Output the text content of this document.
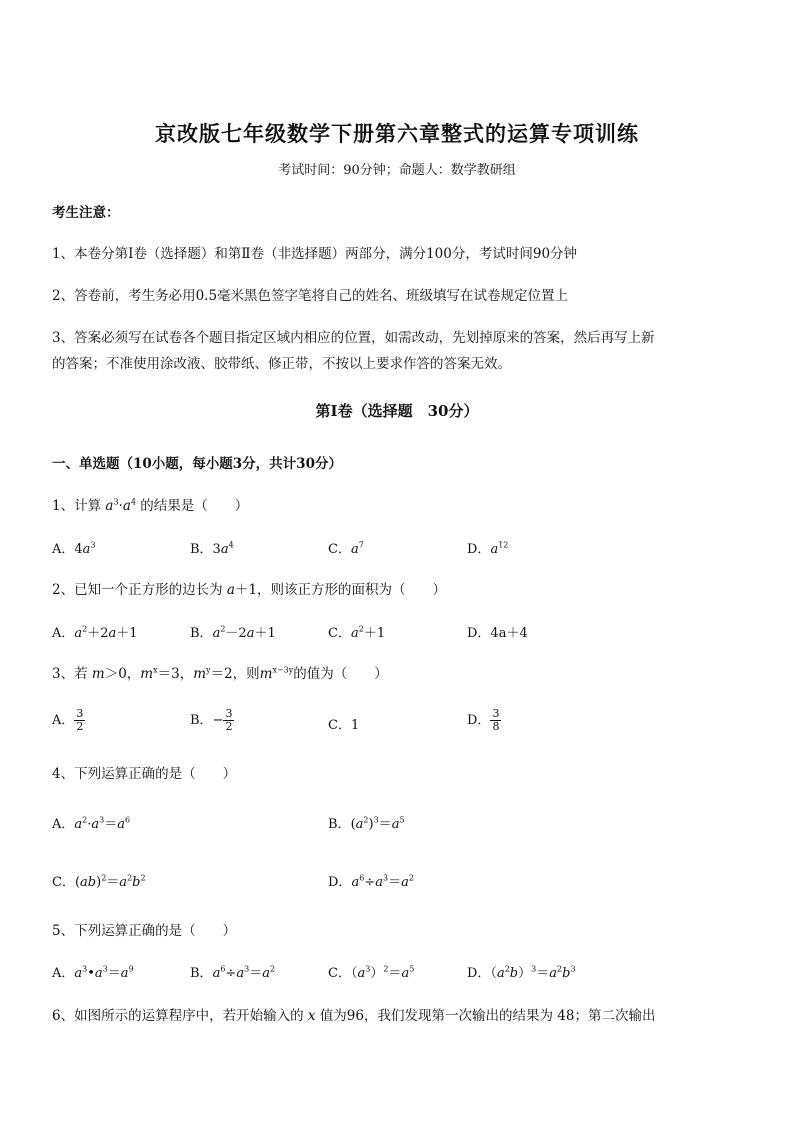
京改版七年级数学下册第六章整式的运算专项训练
考试时间：90分钟；命题人：数学教研组
考生注意：
1、本卷分第Ⅰ卷（选择题）和第Ⅱ卷（非选择题）两部分，满分100分，考试时间90分钟
2、答卷前，考生务必用0.5毫米黑色签字笔将自己的姓名、班级填写在试卷规定位置上
3、答案必须写在试卷各个题目指定区域内相应的位置，如需改动，先划掉原来的答案，然后再写上新
的答案；不准使用涂改液、胶带纸、修正带，不按以上要求作答的答案无效。
第Ⅰ卷（选择题　30分）
一、单选题（10小题，每小题3分，共计30分）
1、计算 $a^3\cdot a^4$ 的结果是（　　）
A．$4a^3$	B．$3a^4$	C．$a^7$	D．$a^{12}$
2、已知一个正方形的边长为 a＋1，则该正方形的面积为（　　）
A．$a^2+2a+1$	B．$a^2-2a+1$	C．$a^2+1$	D．4a＋4
3、若 m＞0，$m^x=3$，$m^y=2$，则$m^{x-3y}$的值为（　　）
A． $\frac{3}{2}$	B．− $\frac{3}{2}$	C．1	D． $\frac{3}{8}$
4、下列运算正确的是（　　）
A．$a^2\cdot a^3=a^6$	B．$(a^2)^3=a^5$
C．$(ab)^2=a^2b^2$	D．$a^6\div a^3=a^2$
5、下列运算正确的是（　　）
A．$a^3•a^3=a^9$	B．$a^6\div a^3=a^2$	C．$(a^3)^2=a^5$	D．$(a^2b)^3=a^2b^3$
6、如图所示的运算程序中，若开始输入的 x 值为96，我们发现第一次输出的结果为 48；第二次输出
